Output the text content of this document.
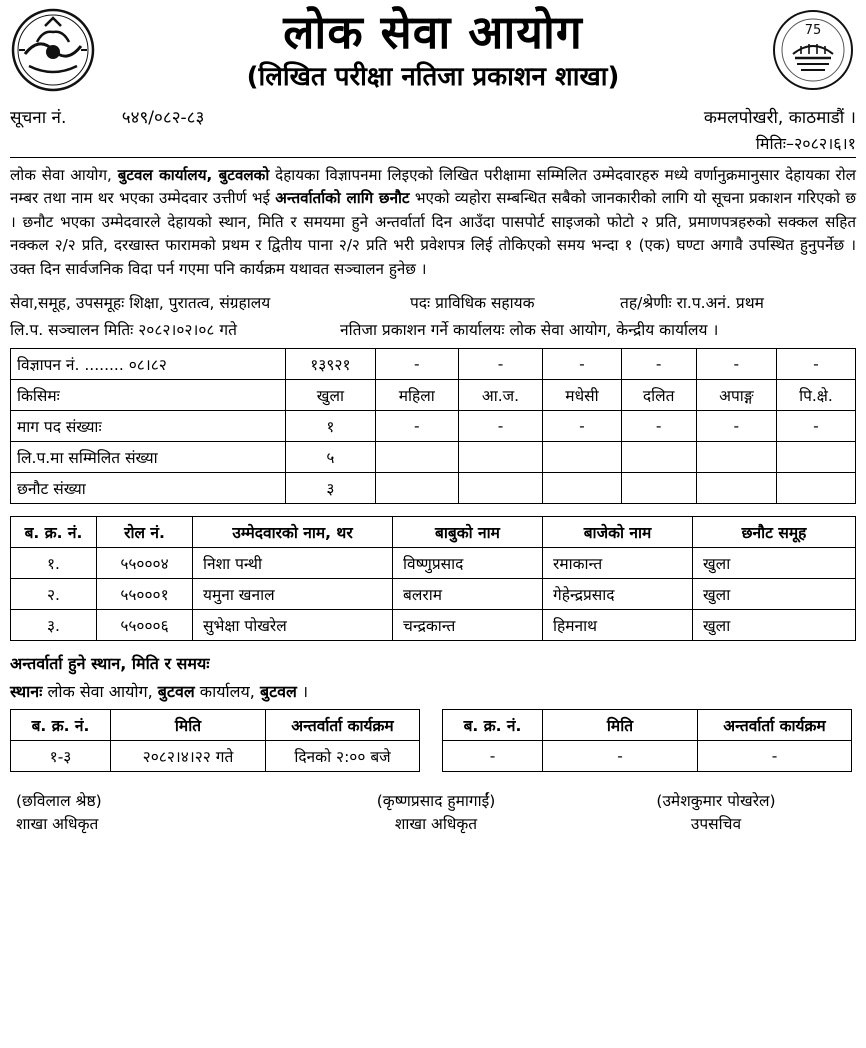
लोक सेवा आयोग
(लिखित परीक्षा नतिजा प्रकाशन शाखा)
75
सूचना नं.	५४९/०८२-८३	कमलपोखरी, काठमाडौं ।
मितिः–२०८२।६।१
लोक सेवा आयोग, बुटवल कार्यालय, बुटवलको देहायका विज्ञापनमा लिइएको लिखित परीक्षामा सम्मिलित उम्मेदवारहरु मध्ये वर्णानुक्रमानुसार देहायका रोल नम्बर तथा नाम थर भएका उम्मेदवार उत्तीर्ण भई अन्तर्वार्ताको लागि छनौट भएको व्यहोरा सम्बन्धित सबैको जानकारीको लागि यो सूचना प्रकाशन गरिएको छ । छनौट भएका उम्मेदवारले देहायको स्थान, मिति र समयमा हुने अन्तर्वार्ता दिन आउँदा पासपोर्ट साइजको फोटो २ प्रति, प्रमाणपत्रहरुको सक्कल सहित नक्कल २/२ प्रति, दरखास्त फारामको प्रथम र द्वितीय पाना २/२ प्रति भरी प्रवेशपत्र लिई तोकिएको समय भन्दा १ (एक) घण्टा अगावै उपस्थित हुनुपर्नेछ । उक्त दिन सार्वजनिक विदा पर्न गएमा पनि कार्यक्रम यथावत सञ्चालन हुनेछ ।
सेवा,समूह, उपसमूहः शिक्षा, पुरातत्व, संग्रहालय	पदः प्राविधिक सहायक	तह/श्रेणीः रा.प.अनं. प्रथम
लि.प. सञ्चालन मितिः २०८२।०२।०८ गते	नतिजा प्रकाशन गर्ने कार्यालयः लोक सेवा आयोग, केन्द्रीय कार्यालय ।
विज्ञापन नं. ........ ०८।८२	१३९२१	-	-	-	-	-	-
किसिमः	खुला	महिला	आ.ज.	मधेसी	दलित	अपाङ्ग	पि.क्षे.
माग पद संख्याः	१	-	-	-	-	-	-
लि.प.मा सम्मिलित संख्या	५						
छनौट संख्या	३						
ब. क्र. नं.	रोल नं.	उम्मेदवारको नाम, थर	बाबुको नाम	बाजेको नाम	छनौट समूह
१.	५५०००४	निशा पन्थी	विष्णुप्रसाद	रमाकान्त	खुला
२.	५५०००१	यमुना खनाल	बलराम	गेहेन्द्रप्रसाद	खुला
३.	५५०००६	सुभेक्षा पोखरेल	चन्द्रकान्त	हिमनाथ	खुला
अन्तर्वार्ता हुने स्थान, मिति र समयः
स्थानः लोक सेवा आयोग, बुटवल कार्यालय, बुटवल ।
ब. क्र. नं.	मिति	अन्तर्वार्ता कार्यक्रम
१-३	२०८२।४।२२ गते	दिनको २:०० बजे
ब. क्र. नं.	मिति	अन्तर्वार्ता कार्यक्रम
-	-	-
(छविलाल श्रेष्ठ)
शाखा अधिकृत
(कृष्णप्रसाद हुमागाईं)
शाखा अधिकृत
(उमेशकुमार पोखरेल)
उपसचिव
